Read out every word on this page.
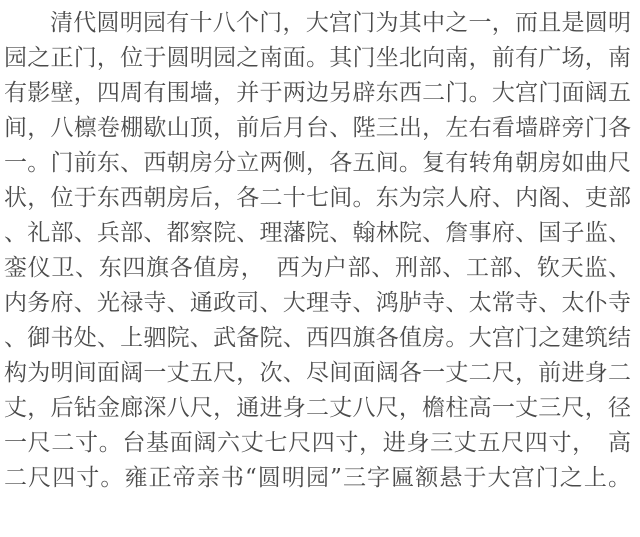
清代圆明园有十八个门，大宫门为其中之一，而且是圆明

园之正门，位于圆明园之南面。其门坐北向南，前有广场，南

有影壁，四周有围墙，并于两边另辟东西二门。大宫门面阔五

间，八檩卷棚歇山顶，前后月台、陛三出，左右看墙辟旁门各

一。门前东、西朝房分立两侧，各五间。复有转角朝房如曲尺

状，位于东西朝房后，各二十七间。东为宗人府、内阁、吏部

、礼部、兵部、都察院、理藩院、翰林院、詹事府、国子监、

銮仪卫、东四旗各值房，　西为户部、刑部、工部、钦天监、

内务府、光禄寺、通政司、大理寺、鸿胪寺、太常寺、太仆寺

、御书处、上驷院、武备院、西四旗各值房。大宫门之建筑结

构为明间面阔一丈五尺，次、尽间面阔各一丈二尺，前进身二

丈，后钻金廊深八尺，通进身二丈八尺，檐柱高一丈三尺，径

一尺二寸。台基面阔六丈七尺四寸，进身三丈五尺四寸，　高

二尺四寸。雍正帝亲书“圆明园”三字匾额悬于大宫门之上。
